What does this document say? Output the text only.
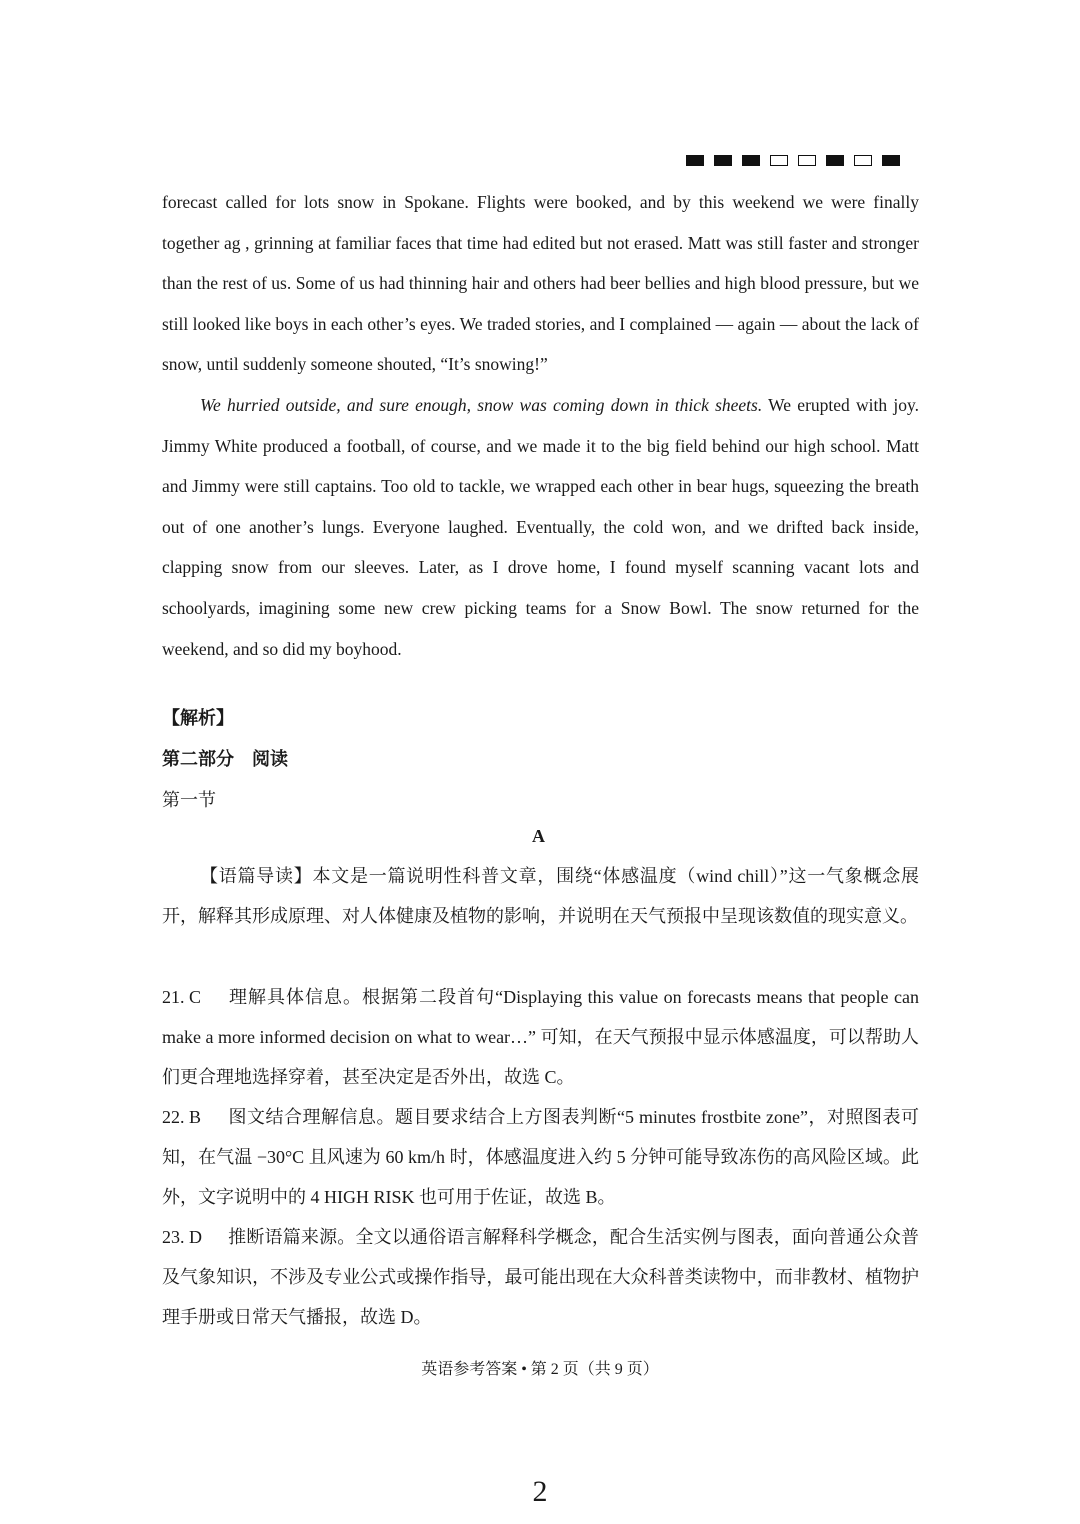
forecast called for lots snow in Spokane. Flights were booked, and by this weekend we were finally together ag , grinning at familiar faces that time had edited but not erased. Matt was still faster and stronger than the rest of us. Some of us had thinning hair and others had beer bellies and high blood pressure, but we still looked like boys in each other’s eyes. We traded stories, and I complained — again — about the lack of snow, until suddenly someone shouted, “It’s snowing!”

We hurried outside, and sure enough, snow was coming down in thick sheets. We erupted with joy. Jimmy White produced a football, of course, and we made it to the big field behind our high school. Matt and Jimmy were still captains. Too old to tackle, we wrapped each other in bear hugs, squeezing the breath out of one another’s lungs. Everyone laughed. Eventually, the cold won, and we drifted back inside, clapping snow from our sleeves. Later, as I drove home, I found myself scanning vacant lots and schoolyards, imagining some new crew picking teams for a Snow Bowl. The snow returned for the weekend, and so did my boyhood.

【解析】
第二部分　阅读
第一节
A
【语篇导读】本文是一篇说明性科普文章，围绕“体感温度（wind chill）”这一气象概念展开，解释其形成原理、对人体健康及植物的影响，并说明在天气预报中呈现该数值的现实意义。
21. C 理解具体信息。根据第二段首句“Displaying this value on forecasts means that people can make a more informed decision on what to wear…” 可知，在天气预报中显示体感温度，可以帮助人们更合理地选择穿着，甚至决定是否外出，故选 C。
22. B 图文结合理解信息。题目要求结合上方图表判断“5 minutes frostbite zone”，对照图表可知，在气温 −30°C 且风速为 60 km/h 时，体感温度进入约 5 分钟可能导致冻伤的高风险区域。此外，文字说明中的 4 HIGH RISK 也可用于佐证，故选 B。
23. D 推断语篇来源。全文以通俗语言解释科学概念，配合生活实例与图表，面向普通公众普及气象知识，不涉及专业公式或操作指导，最可能出现在大众科普类读物中，而非教材、植物护理手册或日常天气播报，故选 D。
英语参考答案 • 第 2 页（共 9 页）
2
